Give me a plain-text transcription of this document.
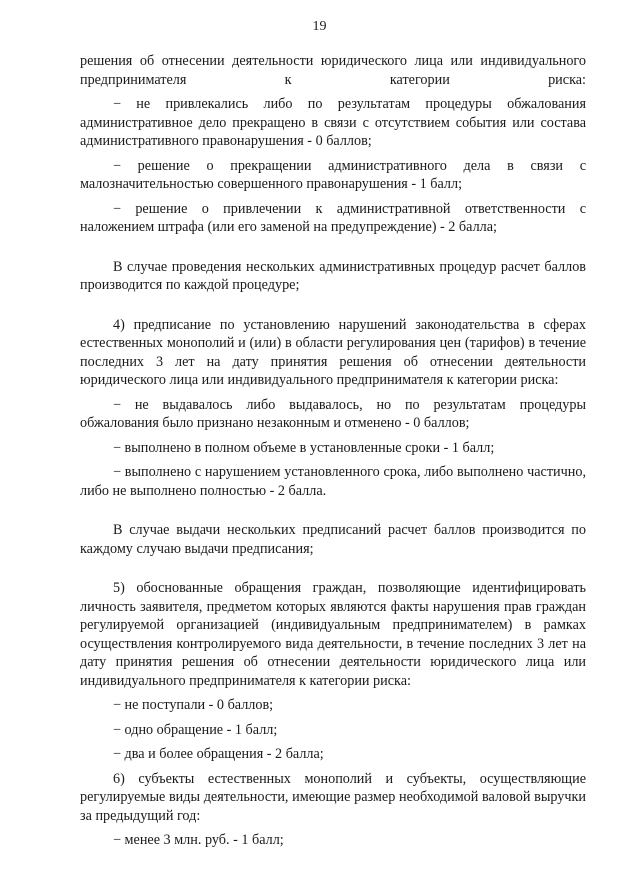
19

решения об отнесении деятельности юридического лица или индивидуального предпринимателя к категории риска:

− не привлекались либо по результатам процедуры обжалования административное дело прекращено в связи с отсутствием события или состава административного правонарушения - 0 баллов;

− решение о прекращении административного дела в связи с малозначительностью совершенного правонарушения - 1 балл;

− решение о привлечении к административной ответственности с наложением штрафа (или его заменой на предупреждение) - 2 балла;

В случае проведения нескольких административных процедур расчет баллов производится по каждой процедуре;

4) предписание по установлению нарушений законодательства в сферах естественных монополий и (или) в области регулирования цен (тарифов) в течение последних 3 лет на дату принятия решения об отнесении деятельности юридического лица или индивидуального предпринимателя к категории риска:

− не выдавалось либо выдавалось, но по результатам процедуры обжалования было признано незаконным и отменено - 0 баллов;

− выполнено в полном объеме в установленные сроки - 1 балл;

− выполнено с нарушением установленного срока, либо выполнено частично, либо не выполнено полностью - 2 балла.

В случае выдачи нескольких предписаний расчет баллов производится по каждому случаю выдачи предписания;

5) обоснованные обращения граждан, позволяющие идентифицировать личность заявителя, предметом которых являются факты нарушения прав граждан регулируемой организацией (индивидуальным предпринимателем) в рамках осуществления контролируемого вида деятельности, в течение последних 3 лет на дату принятия решения об отнесении деятельности юридического лица или индивидуального предпринимателя к категории риска:

− не поступали - 0 баллов;

− одно обращение - 1 балл;

− два и более обращения - 2 балла;

6) субъекты естественных монополий и субъекты, осуществляющие регулируемые виды деятельности, имеющие размер необходимой валовой выручки за предыдущий год:

− менее 3 млн. руб. - 1 балл;
